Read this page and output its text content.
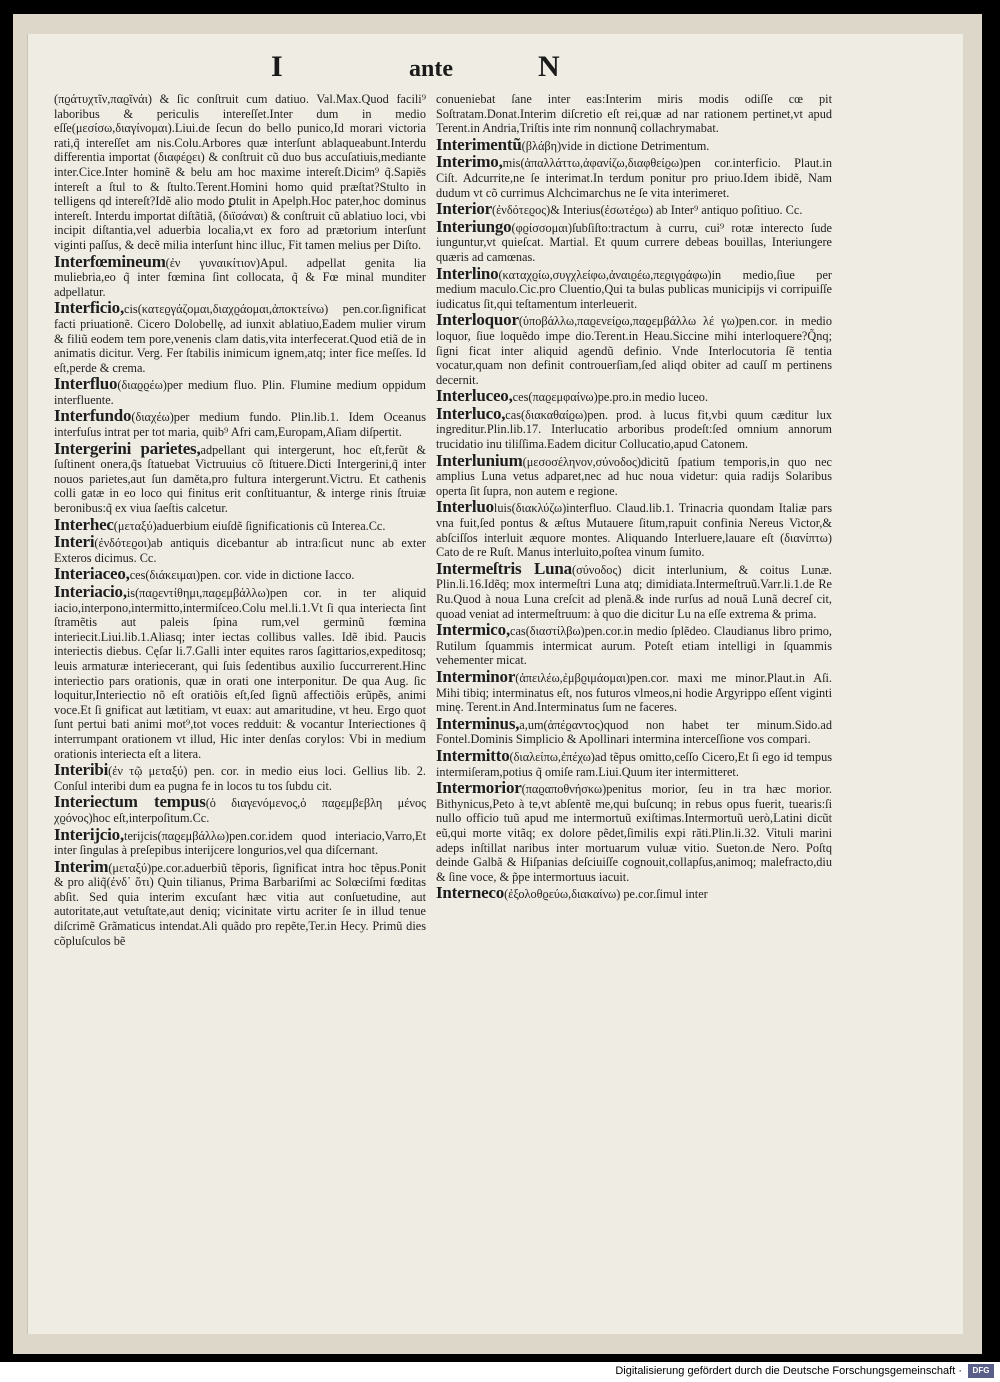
I	ante	N

(πϱάτυχτῖν,παϱῖνάι) & ſic conſtruit cum datiuo. Val.Max.Quod facili⁹ laboribus & periculis intereſſet.Inter dum in medio eſſe(μεσίσω,διαγίνομαι).Liui.de ſecun do bello punico,Id morari victoria rati,q̃ intereſſet am nis.Colu.Arbores quæ interſunt ablaqueabunt.Interdu differentia importat (διαφέϱει) & conſtruit cũ duo bus accuſatiuis,mediante inter.Cice.Inter hominẽ & belu am hoc maxime intereſt.Dicim⁹ q̃.Sapiẽs intereſt a ſtul to & ſtulto.Terent.Homini homo quid præſtat?Stulto in telligens qd intereſt?Idẽ alio modo ꝑtulit in Apelph.Hoc pater,hoc dominus intereſt. Interdu importat diſtãtiã, (διϊσάναι) & conſtruit cũ ablatiuo loci, vbi incipit diſtantia,vel aduerbia localia,vt ex foro ad prætorium interſunt viginti paſſus, & decẽ milia interſunt hinc illuc, Fit tamen melius per Diſto.

Interfœmineum(ἐν γυναικίτιον)Apul. adpellat genita lia muliebria,eo q̃ inter fœmina ſint collocata, q̃ & Fœ minal munditer adpellatur.

Interficio,cis(κατεϱγάζομαι,διαχϱάομαι,ἀποκτείνω) pen.cor.ſignificat facti priuationẽ. Cicero Dolobellę, ad iunxit ablatiuo,Eadem mulier virum & filiũ eodem tem pore,venenis clam datis,vita interfecerat.Quod etiã de in animatis dicitur. Verg. Fer ſtabilis inimicum ignem,atq; inter fice meſſes. Id eſt,perde & crema.

Interfluo(διαϱϱέω)per medium fluo. Plin. Flumine medium oppidum interfluente.

Interfundo(διαχέω)per medium fundo. Plin.lib.1. Idem Oceanus interfuſus intrat per tot maria, quib⁹ Afri cam,Europam,Aſiam diſpertit.

Intergerini parietes,adpellant qui intergerunt, hoc eſt,ferũt & ſuſtinent onera,q̃s ſtatuebat Victruuius cõ ſtituere.Dicti Intergerini,q̃ inter nouos parietes,aut ſun daměta,pro fultura intergerunt.Victru. Et cathenis colli gatæ in eo loco qui finitus erit conſtituantur, & interge rinis ſtruiæ beronibus:q̃ ex viua ſaeſtis calcetur.

Interhec(μεταξύ)aduerbium eiuſdẽ ſignificationis cũ Interea.Cc.

Interi(ἐνδότεϱοι)ab antiquis dicebantur ab intra:ſicut nunc ab exter Exteros dicimus. Cc.

Interiaceo,ces(διάκειμαι)pen. cor. vide in dictione Iacco.

Interiacio,is(παϱεντίθημι,παϱεμβάλλω)pen cor. in ter aliquid iacio,interpono,intermitto,intermiſceo.Colu mel.li.1.Vt ſi qua interiecta ſint ſtramẽtis aut paleis ſpina rum,vel germinũ fœmina interiecit.Liui.lib.1.Aliasq; inter iectas collibus valles. Idẽ ibid. Paucis interiectis diebus. Cęſar li.7.Galli inter equites raros ſagittarios,expeditosq; leuis armaturæ interiecerant, qui ſuis ſedentibus auxilio ſuccurrerent.Hinc interiectio pars orationis, quæ in orati one interponitur. De qua Aug. ſic loquitur,Interiectio nõ eſt oratiõis eſt,ſed ſignũ affectiõis erũpẽs, animi voce.Et ſi gnificat aut lætitiam, vt euax: aut amaritudine, vt heu. Ergo quot ſunt pertui bati animi mot⁹,tot voces redduit: & vocantur Interiectiones q̃ interrumpant orationem vt illud, Hic inter denſas corylos: Vbi in medium orationis interiecta eſt a litera.

Interibi(ἐν τῷ μεταξύ) pen. cor. in medio eius loci. Gellius lib. 2. Conſul interibi dum ea pugna fe in locos tu tos ſubdu cit.

Interiectum tempus(ὁ διαγενόμενος,ὁ παϱεμβεβλη μένος χϱόνος)hoc eſt,interpoſitum.Cc.

Interijcio,terijcis(παϱεμβάλλω)pen.cor.idem quod interiacio,Varro,Et inter ſingulas à preſepibus interijcere longurios,vel qua diſcernant.

Interim(μεταξύ)pe.cor.aduerbiũ tẽporis, ſignificat intra hoc tẽpus.Ponit & pro aliq̃(ἐνδ᾽ ὅτι) Quin tilianus, Prima Barbariſmi ac Solœciſmi fœditas abſit. Sed quia interim excuſant hæc vitia aut conſuetudine, aut autoritate,aut vetuſtate,aut deniq; vicinitate virtu acriter ſe in illud tenue diſcrimẽ Grãmaticus intendat.Ali quãdo pro repẽte,Ter.in Hecy. Primũ dies cõpluſculos bẽ

conueniebat ſane inter eas:Interim miris modis odiſſe cœ pit Soſtratam.Donat.Interim diſcretio eſt rei,quæ ad nar rationem pertinet,vt apud Terent.in Andria,Triſtis inte rim nonnunq̃ collachrymabat.

Interimentũ(βλάβη)vide in dictione Detrimentum.

Interimo,mis(ἀπαλλάττω,ἀφανίζω,διαφθείϱω)pen cor.interficio. Plaut.in Ciſt. Adcurrite,ne ſe interimat.In terdum ponitur pro priuo.Idem ibidẽ, Nam dudum vt cõ currimus Alchcimarchus ne ſe vita interimeret.

Interior(ἐνδότεϱος)& Interius(ἐσωτέϱω) ab Inter⁹ antiquo poſitiuo. Cc.

Interiungo(φϱίσσομαι)ſubſiſto:tractum à curru, cui⁹ rotæ interecto ſude iunguntur,vt quieſcat. Martial. Et quum currere debeas bouillas, Interiungere quæris ad camœnas.

Interlino(καταχϱίω,συγχλείφω,ἀναιϱέω,πεϱιγϱάφω)in medio,ſiue per medium maculo.Cic.pro Cluentio,Qui ta bulas publicas municipijs vi corripuiſſe iudicatus ſit,qui teſtamentum interleuerit.

Interloquor(ὑποβάλλω,παϱενείϱω,παϱεμβάλλω λέ γω)pen.cor. in medio loquor, ſiue loquẽdo impe dio.Terent.in Heau.Siccine mihi interloquere?Q̃nq; ſigni ficat inter aliquid agendũ definio. Vnde Interlocutoria ſẽ tentia vocatur,quam non definit controuerſiam,ſed aliqd obiter ad cauſſ m pertinens decernit.

Interluceo,ces(παϱεμφαίνω)pe.pro.in medio luceo.

Interluco,cas(διακαθαίϱω)pen. prod. à lucus fit,vbi quum cæditur lux ingreditur.Plin.lib.17. Interlucatio arboribus prodeſt:ſed omnium annorum trucidatio inu tiliſſima.Eadem dicitur Collucatio,apud Catonem.

Interlunium(μεσοσέληνον,σύνοδος)dicitũ ſpatium temporis,in quo nec amplius Luna vetus adparet,nec ad huc noua videtur: quia radijs Solaribus operta ſit ſupra, non autem e regione.

Interluoluis(διακλύζω)interfluo. Claud.lib.1. Trinacria quondam Italiæ pars vna fuit,ſed pontus & æſtus Mutauere ſitum,rapuit confinia Nereus Victor,& abſciſſos interluit æquore montes. Aliquando Interluere,lauare eſt (διανίπτω) Cato de re Ruſt. Manus interluito,poſtea vinum ſumito.

Intermeſtris Luna(σύνοδος) dicit interlunium, & coitus Lunæ. Plin.li.16.Idẽq; mox intermeſtri Luna atq; dimidiata.Intermeſtruũ.Varr.li.1.de Re Ru.Quod à noua Luna creſcit ad plenã.& inde rurſus ad nouã Lunã decreſ cit, quoad veniat ad intermeſtruum: à quo die dicitur Lu na eſſe extrema & prima.

Intermico,cas(διαστίλβω)pen.cor.in medio ſplẽdeo. Claudianus libro primo, Rutilum ſquammis intermicat aurum. Poteſt etiam intelligi in ſquammis vehementer micat.

Interminor(ἀπειλέω,ἐμβϱιμάομαι)pen.cor. maxi me minor.Plaut.in Aſi. Mihi tibiq; interminatus eſt, nos futuros vlmeos,ni hodie Argyrippo eſſent viginti minę. Terent.in And.Interminatus ſum ne faceres.

Interminus,a,um(ἀπέϱαντος)quod non habet ter minum.Sido.ad Fontel.Dominis Simplicio & Apollinari intermina interceſſione vos compari.

Intermitto(διαλείπω,ἐπέχω)ad tẽpus omitto,ceſſo Cicero,Et ſi ego id tempus intermiſeram,potius q̃ omiſe ram.Liui.Quum iter intermitteret.

Intermorior(παϱαποθνήσκω)penitus morior, ſeu in tra hæc morior. Bithynicus,Peto à te,vt abſentẽ me,qui buſcunq; in rebus opus fuerit, tuearis:ſi nullo officio tuũ apud me intermortuũ exiſtimas.Intermortuũ uerò,Latini dicũt eũ,qui morte vitãq; ex dolore pẽdet,ſimilis expi rãti.Plin.li.32. Vituli marini adeps inſtillat naribus inter mortuarum vuluæ vitio. Sueton.de Nero. Poſtq deinde Galbã & Hiſpanias deſciuiſſe cognouit,collapſus,animoq; malefracto,diu & ſine voce, & p̃pe intermortuus iacuit.

Interneco(ἐξολοθϱεύω,διακαίνω) pe.cor.ſimul inter

Digitalisierung gefördert durch die Deutsche Forschungsgemeinschaft ·	DFG
